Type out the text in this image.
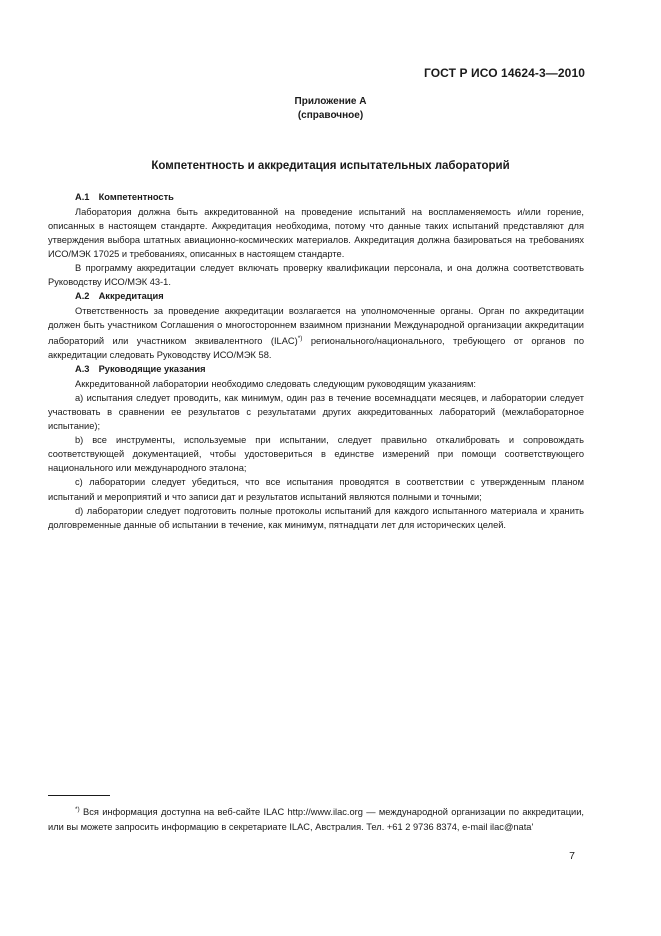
ГОСТ Р ИСО 14624-3—2010
Приложение А
(справочное)
Компетентность и аккредитация испытательных лабораторий
А.1 Компетентность

Лаборатория должна быть аккредитованной на проведение испытаний на воспламеняемость и/или горение, описанных в настоящем стандарте. Аккредитация необходима, потому что данные таких испытаний представляют для утверждения выбора штатных авиационно-космических материалов. Аккредитация должна базироваться на требованиях ИСО/МЭК 17025 и требованиях, описанных в настоящем стандарте.

В программу аккредитации следует включать проверку квалификации персонала, и она должна соответствовать Руководству ИСО/МЭК 43-1.

А.2 Аккредитация

Ответственность за проведение аккредитации возлагается на уполномоченные органы. Орган по аккредитации должен быть участником Соглашения о многостороннем взаимном признании Международной организации аккредитации лабораторий или участником эквивалентного (ILAC)*) регионального/национального, требующего от органов по аккредитации следовать Руководству ИСО/МЭК 58.

А.3 Руководящие указания

Аккредитованной лаборатории необходимо следовать следующим руководящим указаниям:

а) испытания следует проводить, как минимум, один раз в течение восемнадцати месяцев, и лаборатории следует участвовать в сравнении ее результатов с результатами других аккредитованных лабораторий (межлабораторное испытание);

b) все инструменты, используемые при испытании, следует правильно откалибровать и сопровождать соответствующей документацией, чтобы удостовериться в единстве измерений при помощи соответствующего национального или международного эталона;

с) лаборатории следует убедиться, что все испытания проводятся в соответствии с утвержденным планом испытаний и мероприятий и что записи дат и результатов испытаний являются полными и точными;

d) лаборатории следует подготовить полные протоколы испытаний для каждого испытанного материала и хранить долговременные данные об испытании в течение, как минимум, пятнадцати лет для исторических целей.

*) Вся информация доступна на веб-сайте ILAC http://www.ilac.org — международной организации по аккредитации, или вы можете запросить информацию в секретариате ILAC, Австралия. Тел. +61 2 9736 8374, e-mail ilac@nata'

7
